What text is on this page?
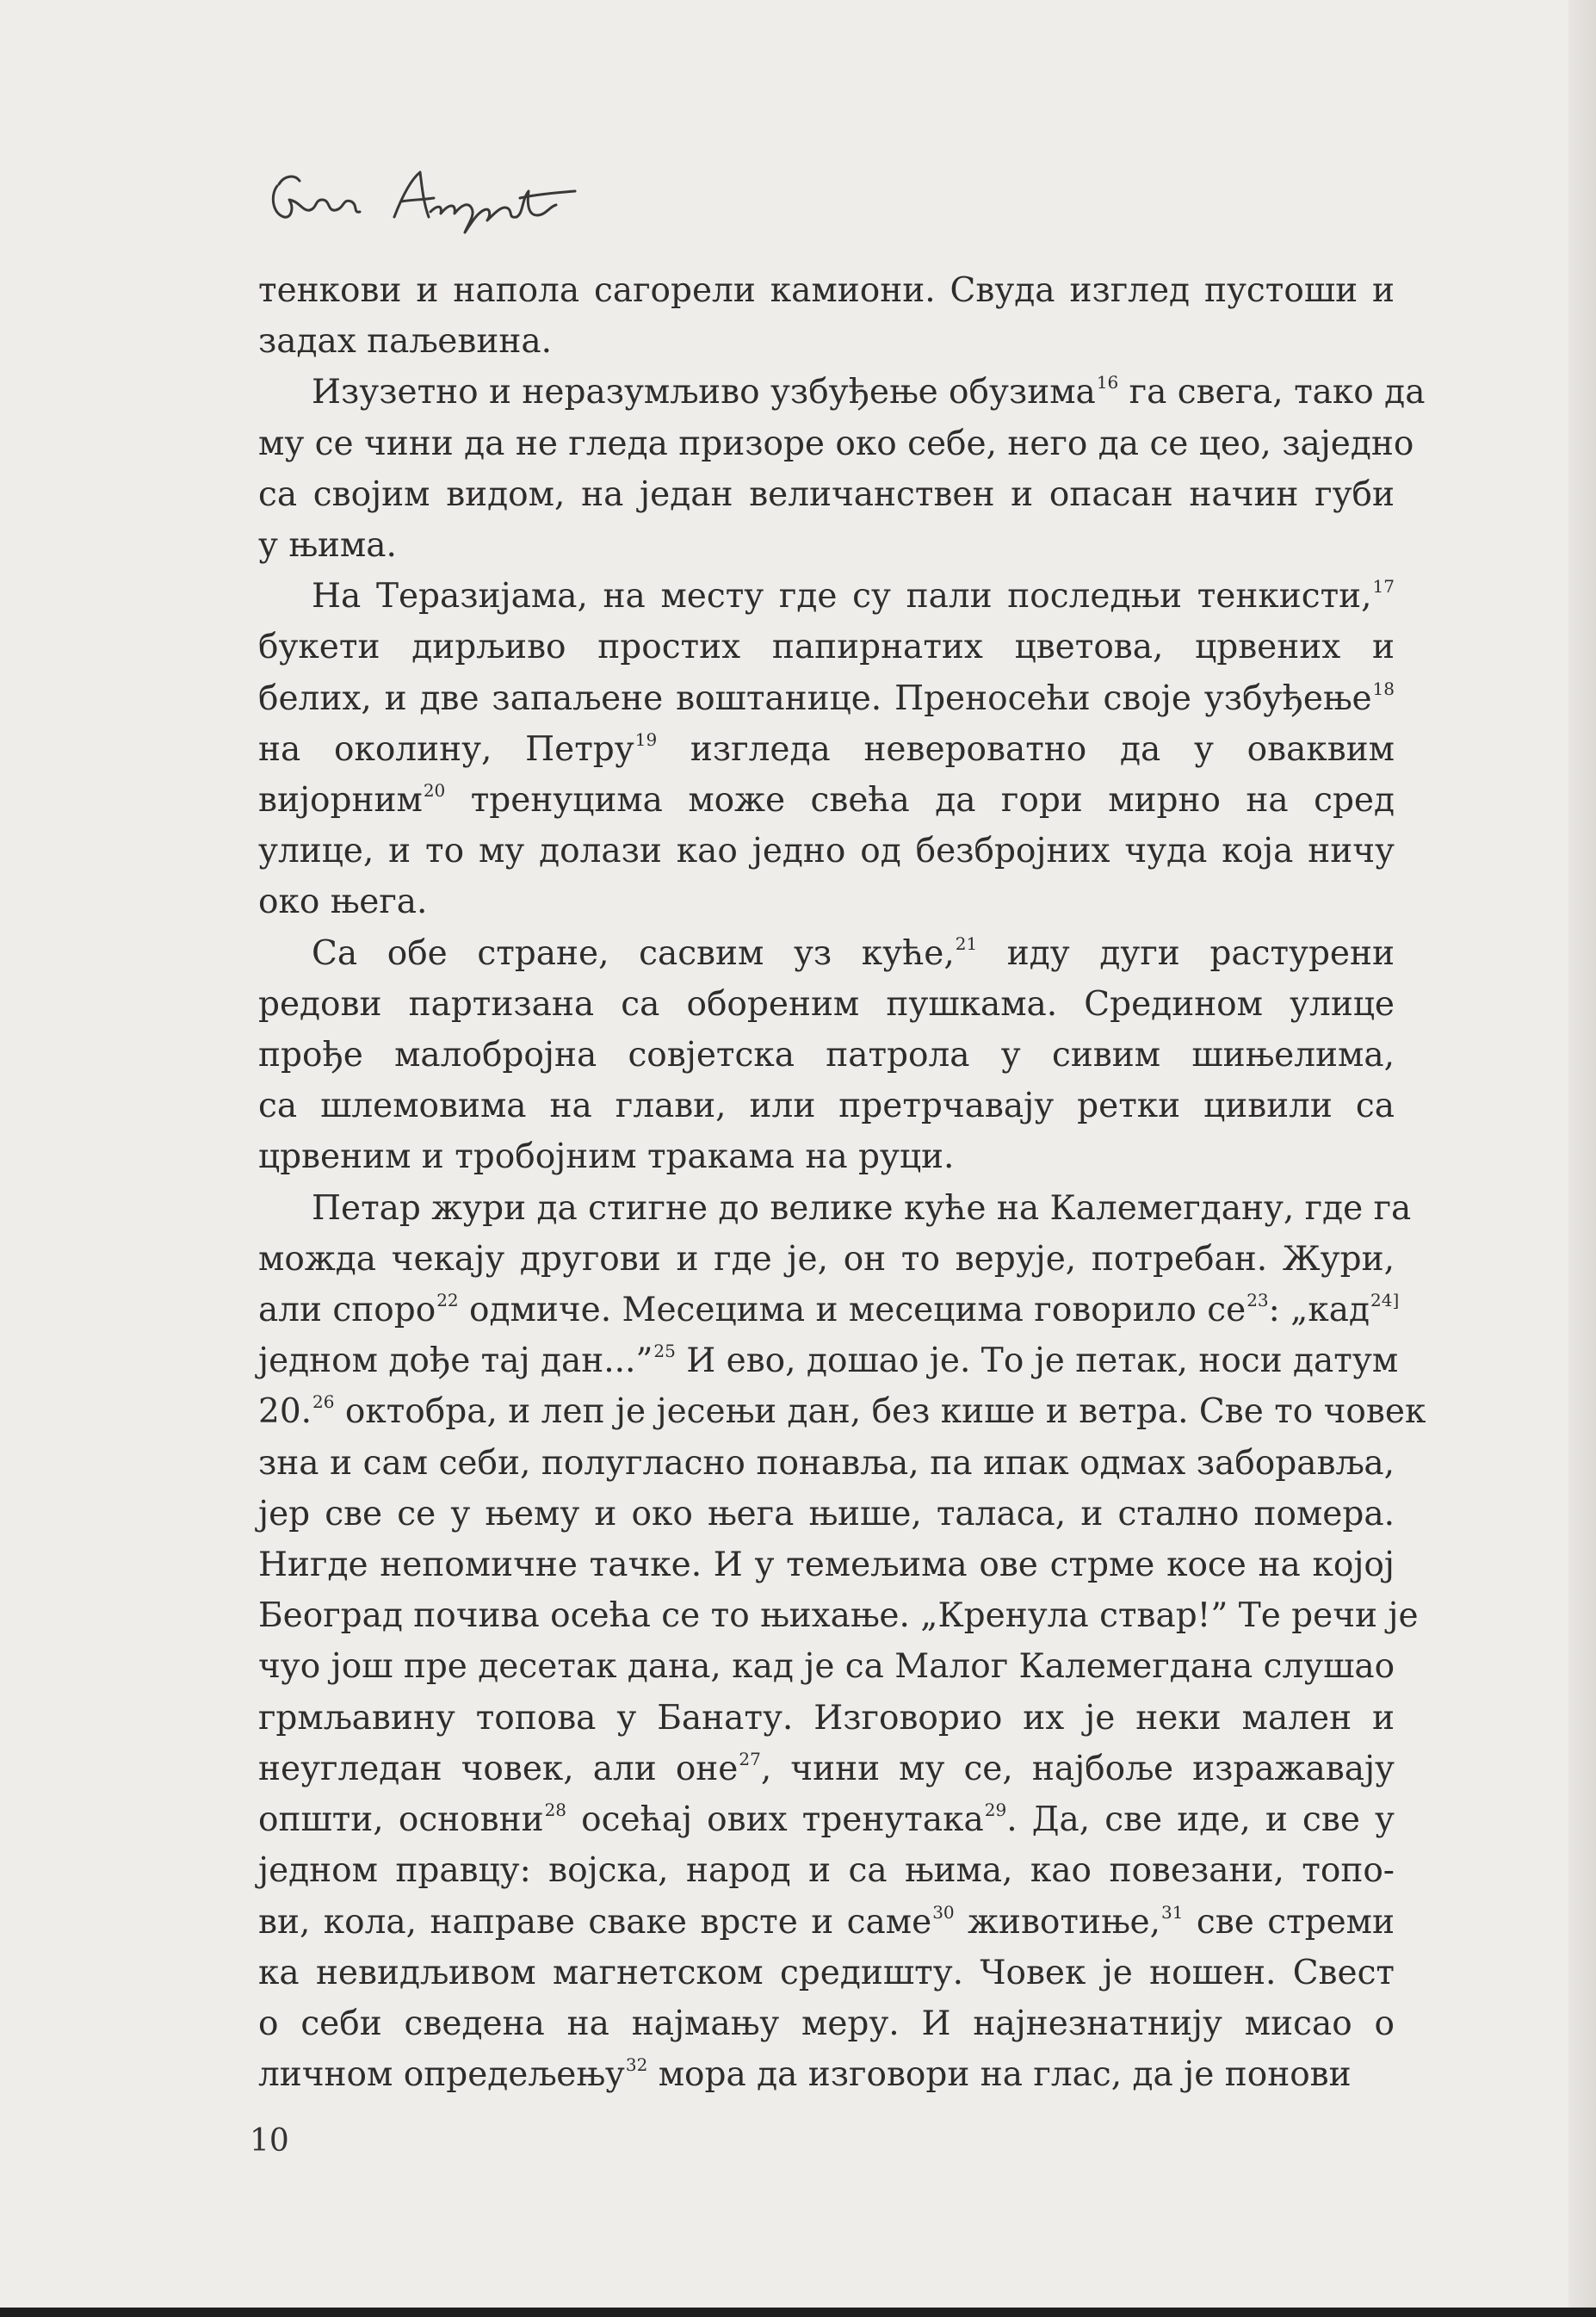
тенкови и напола сагорели камиони. Свуда изглед пустоши и
задах паљевина.

Изузетно и неразумљиво узбуђење обузима$^{16}$ га свега, тако да
му се чини да не гледа призоре око себе, него да се цео, заједно
са својим видом, на један величанствен и опасан начин губи
у њима.

На Теразијама, на месту где су пали последњи тенкисти,$^{17}$
букети дирљиво простих папирнатих цветова, црвених и
белих, и две запаљене воштанице. Преносећи своје узбуђење$^{18}$
на околину, Петру$^{19}$ изгледа невероватно да у оваквим
вијорним$^{20}$ тренуцима може свећа да гори мирно на сред
улице, и то му долази као једно од безбројних чуда која ничу
око њега.

Са обе стране, сасвим уз куће,$^{21}$ иду дуги растурени
редови партизана са обореним пушкама. Средином улице
прође малобројна совјетска патрола у сивим шињелима,
са шлемовима на глави, или претрчавају ретки цивили са
црвеним и тробојним тракама на руци.

Петар жури да стигне до велике куће на Калемегдану, где га
можда чекају другови и где је, он то верује, потребан. Жури,
али споро$^{22}$ одмиче. Месецима и месецима говорило $се^{23}$: „кад$^{24]}$
једном дође тај дан...”$^{25}$ И ево, дошао је. То је петак, носи датум
20.26 октобра, и леп је јесењи дан, без кише и ветра. Све то човек
зна и сам себи, полугласно понавља, па ипак одмах заборавља,
јер све се у њему и око њега њише, таласа, и стално помера.
Нигде непомичне тачке. И у темељима ове стрме косе на којој
Београд почива осећа се то њихање. „Кренула ствар!” Те речи је
чуо још пре десетак дана, кад је са Малог Калемегдана слушао
грмљавину топова у Банату. Изговорио их је неки мален и
неугледан човек, али оне$^{27}$, чини му се, најбоље изражавају
општи, основни$^{28}$ осећај ових тренутака$^{29}$. Да, све иде, и све у
једном правцу: војска, народ и са њима, као повезани, топо-
ви, кола, направе сваке врсте и саме$^{30}$ животиње,$^{31}$ све стреми
ка невидљивом магнетском средишту. Човек је ношен. Свест
о себи сведена на најмању меру. И најнезнатнију мисао о
личном опредељењу$^{32}$ мора да изговори на глас, да је понови

10
